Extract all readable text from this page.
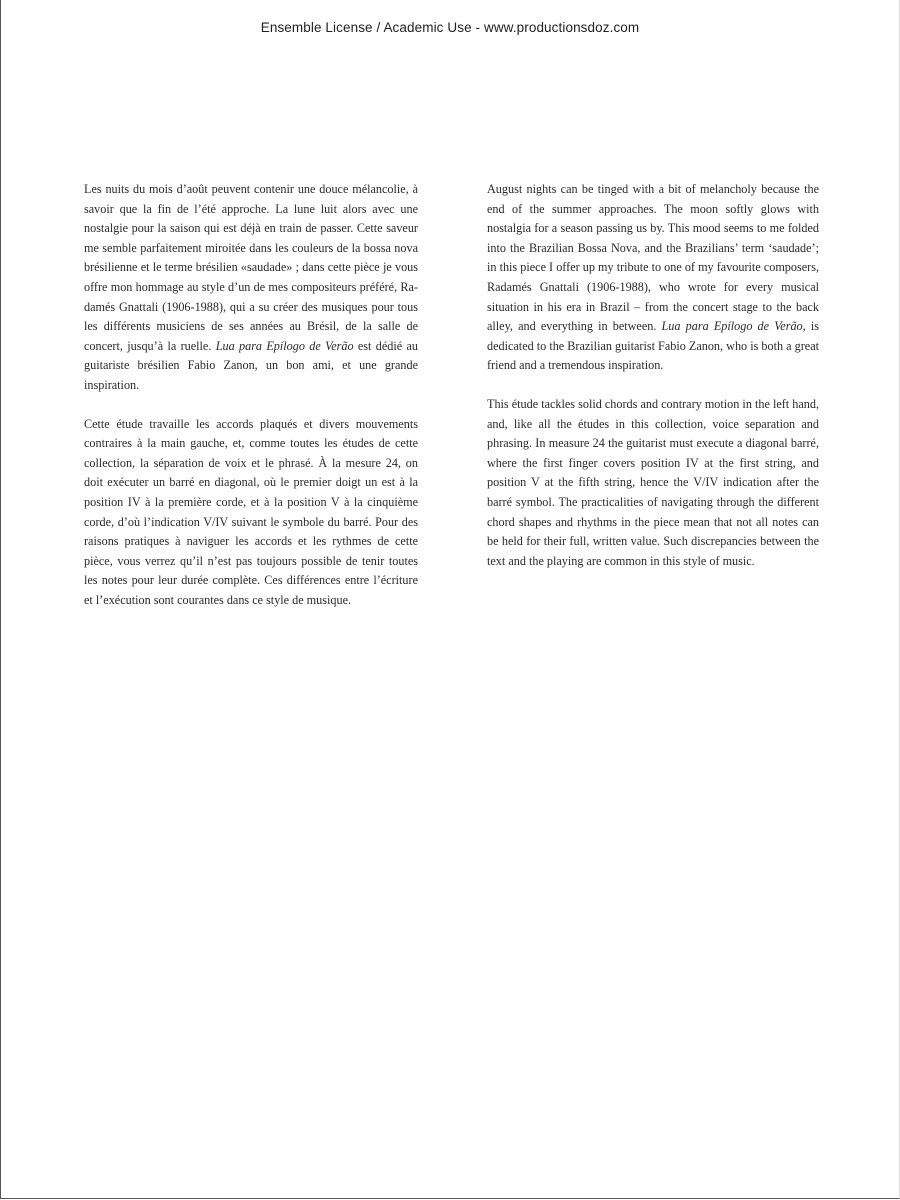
Ensemble License / Academic Use - www.productionsdoz.com

Les nuits du mois d’août peuvent contenir une douce mélancolie, à savoir que la fin de l’été approche. La lune luit alors avec une nostalgie pour la saison qui est déjà en train de passer. Cette saveur me semble parfaitement miroitée dans les couleurs de la bossa nova brésilienne et le terme brésilien «saudade» ; dans cette pièce je vous offre mon hommage au style d’un de mes compositeurs préféré, Radamés Gnattali (1906-1988), qui a su créer des musiques pour tous les différents musiciens de ses années au Brésil, de la salle de concert, jusqu’à la ruelle. Lua para Epílogo de Verão est dédié au guitariste brésilien Fabio Zanon, un bon ami, et une grande inspiration.

Cette étude travaille les accords plaqués et divers mouvements contraires à la main gauche, et, comme toutes les études de cette collection, la séparation de voix et le phrasé. À la mesure 24, on doit exécuter un barré en diagonal, où le premier doigt un est à la position IV à la première corde, et à la position V à la cinquième corde, d’où l’indication V/IV suivant le symbole du barré. Pour des raisons pratiques à naviguer les accords et les rythmes de cette pièce, vous verrez qu’il n’est pas toujours possible de tenir toutes les notes pour leur durée complète. Ces différences entre l’écriture et l’exécution sont courantes dans ce style de musique.

August nights can be tinged with a bit of melancholy because the end of the summer approaches. The moon softly glows with nostalgia for a season passing us by. This mood seems to me folded into the Brazilian Bossa Nova, and the Brazilians’ term ‘saudade’; in this piece I offer up my tribute to one of my favourite composers, Radamés Gnattali (1906-1988), who wrote for every musical situation in his era in Brazil – from the concert stage to the back alley, and everything in between. Lua para Epílogo de Verão, is dedicated to the Brazilian guitarist Fabio Zanon, who is both a great friend and a tremendous inspiration.

This étude tackles solid chords and contrary motion in the left hand, and, like all the études in this collection, voice separation and phrasing. In measure 24 the guitarist must execute a diagonal barré, where the first finger covers position IV at the first string, and position V at the fifth string, hence the V/IV indication after the barré symbol. The practicalities of navigating through the different chord shapes and rhythms in the piece mean that not all notes can be held for their full, written value. Such discrepancies between the text and the playing are common in this style of music.
